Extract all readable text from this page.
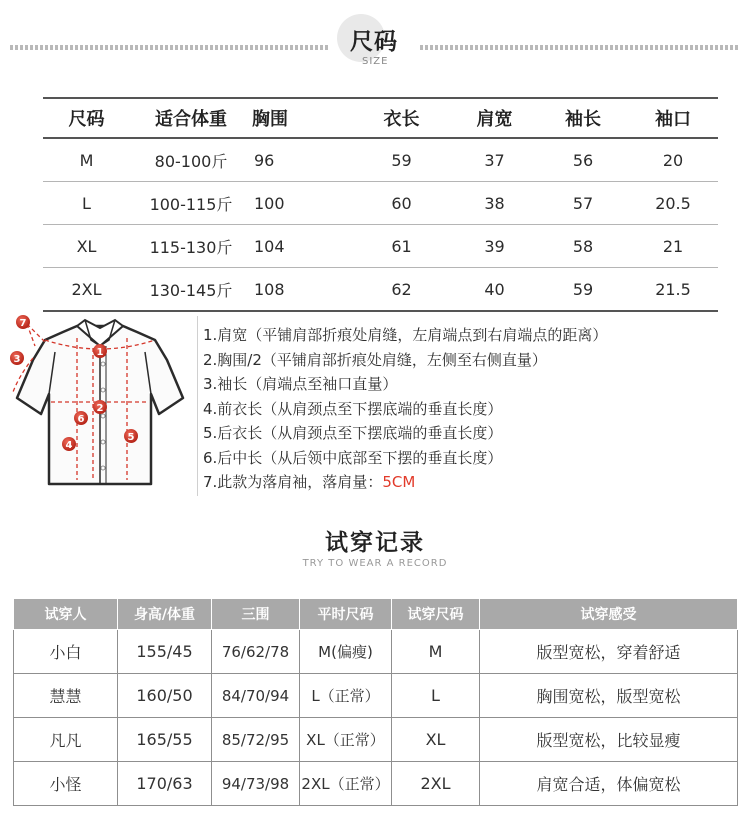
尺码
SIZE
尺码	适合体重	胸围	衣长	肩宽	袖长	袖口
M	80-100斤	96	59	37	56	20
L	100-115斤	100	60	38	57	20.5
XL	115-130斤	104	61	39	58	21
2XL	130-145斤	108	62	40	59	21.5
7
3
1
6
2
4
5
1.肩宽（平铺肩部折痕处肩缝，左肩端点到右肩端点的距离）
2.胸围/2（平铺肩部折痕处肩缝，左侧至右侧直量）
3.袖长（肩端点至袖口直量）
4.前衣长（从肩颈点至下摆底端的垂直长度）
5.后衣长（从肩颈点至下摆底端的垂直长度）
6.后中长（从后领中底部至下摆的垂直长度）
7.此款为落肩袖，落肩量：5CM
试穿记录
TRY TO WEAR A RECORD
试穿人	身高/体重	三围	平时尺码	试穿尺码	试穿感受
小白	155/45	76/62/78	M(偏瘦)	M	版型宽松，穿着舒适
慧慧	160/50	84/70/94	L（正常）	L	胸围宽松，版型宽松
凡凡	165/55	85/72/95	XL（正常）	XL	版型宽松，比较显瘦
小怪	170/63	94/73/98	2XL（正常）	2XL	肩宽合适，体偏宽松
